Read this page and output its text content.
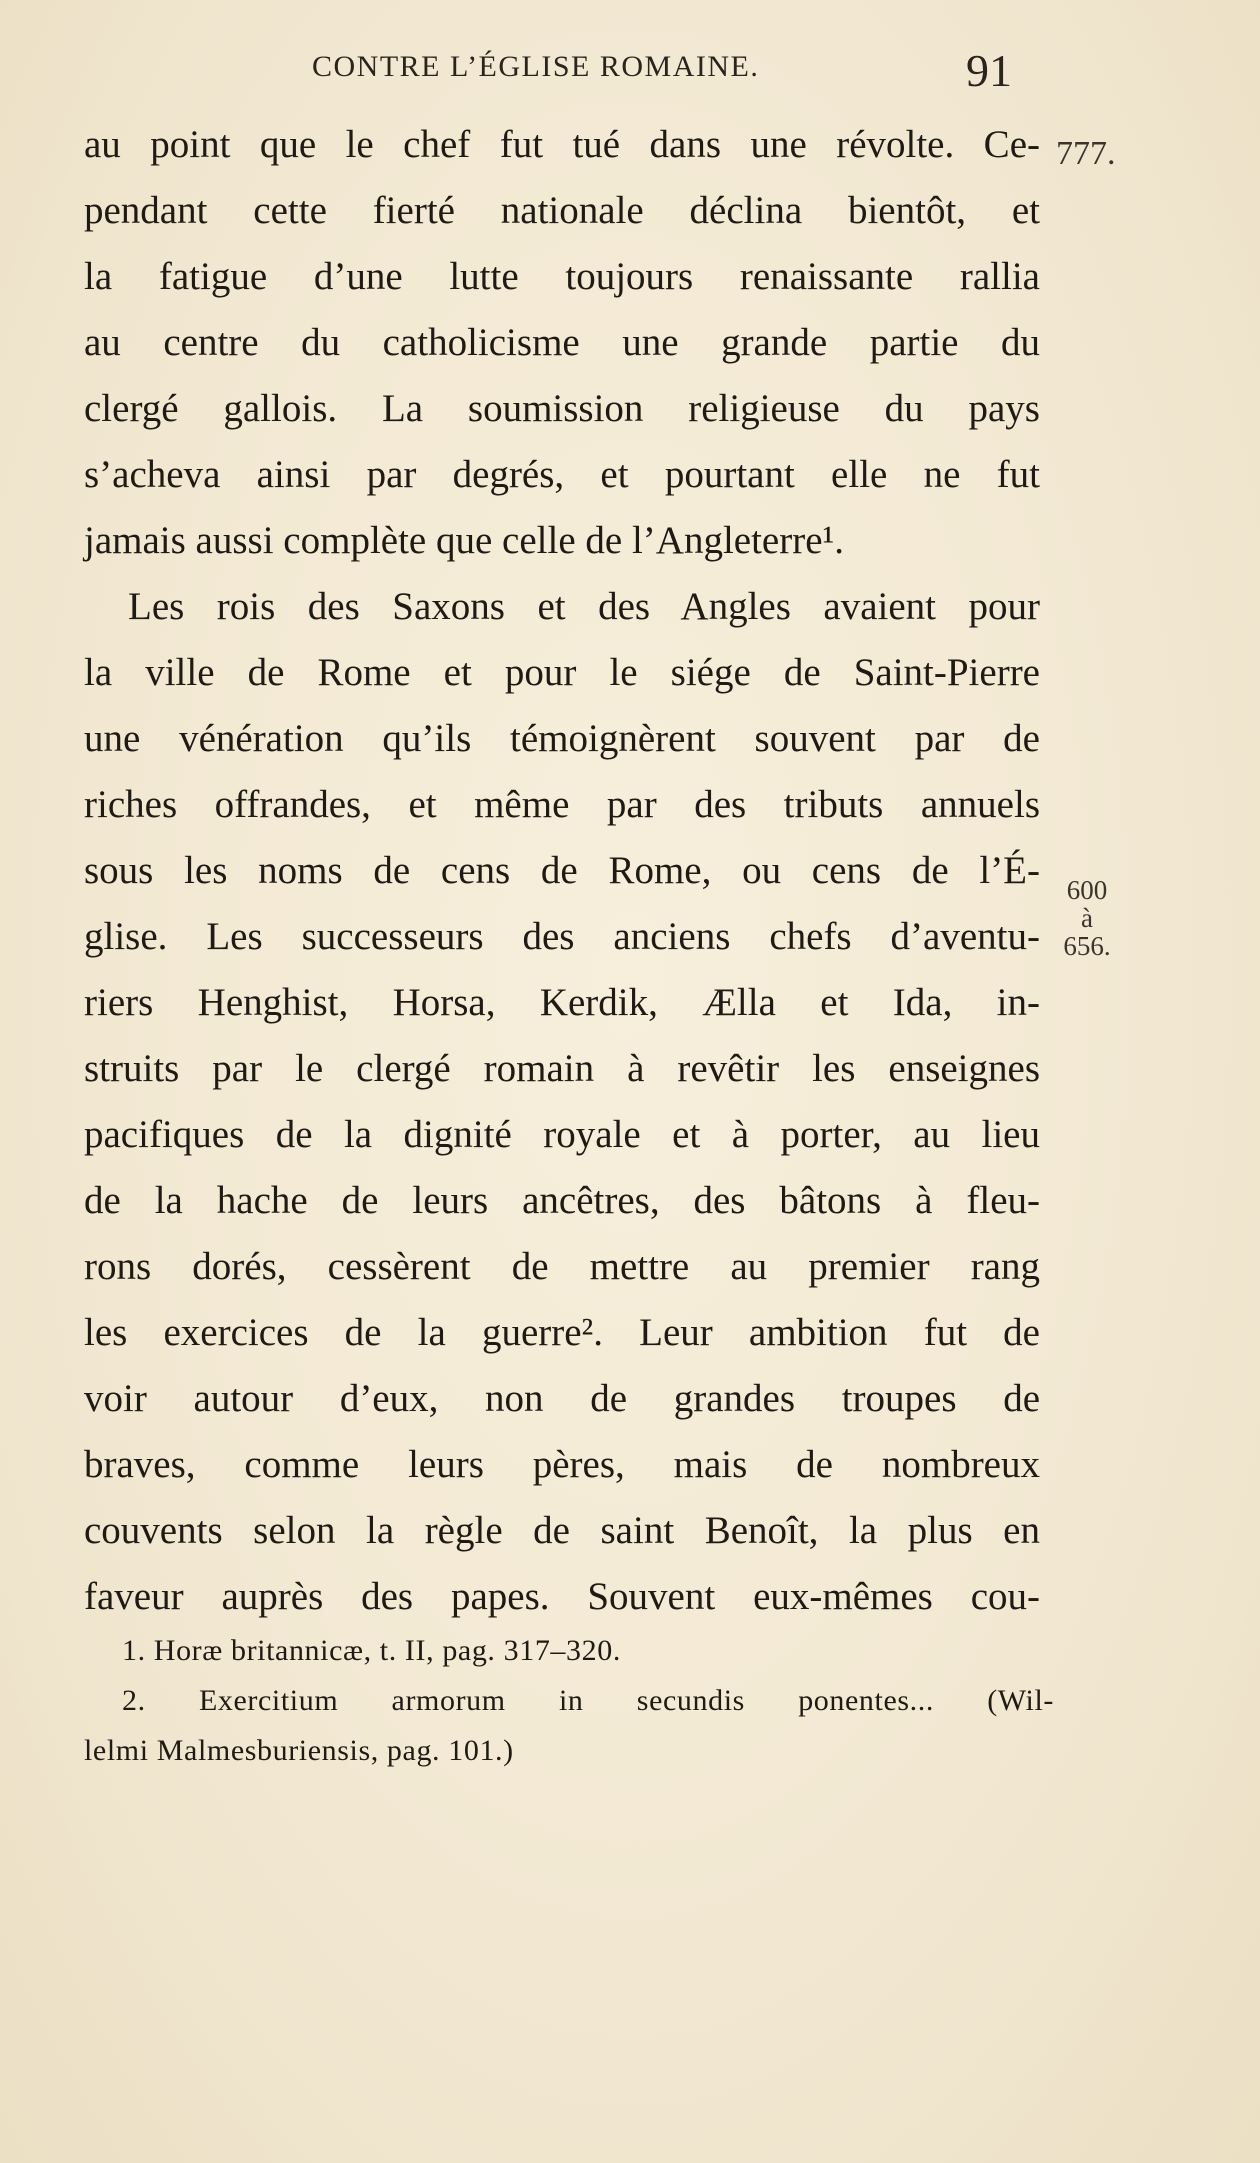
CONTRE L’ÉGLISE ROMAINE.	91
777.
600
à
656.
au point que le chef fut tué dans une révolte. Ce-
pendant cette fierté nationale déclina bientôt, et
la fatigue d’une lutte toujours renaissante rallia
au centre du catholicisme une grande partie du
clergé gallois. La soumission religieuse du pays
s’acheva ainsi par degrés, et pourtant elle ne fut
jamais aussi complète que celle de l’Angleterre¹.
Les rois des Saxons et des Angles avaient pour
la ville de Rome et pour le siége de Saint-Pierre
une vénération qu’ils témoignèrent souvent par de
riches offrandes, et même par des tributs annuels
sous les noms de cens de Rome, ou cens de l’É-
glise. Les successeurs des anciens chefs d’aventu-
riers Henghist, Horsa, Kerdik, Ælla et Ida, in-
struits par le clergé romain à revêtir les enseignes
pacifiques de la dignité royale et à porter, au lieu
de la hache de leurs ancêtres, des bâtons à fleu-
rons dorés, cessèrent de mettre au premier rang
les exercices de la guerre². Leur ambition fut de
voir autour d’eux, non de grandes troupes de
braves, comme leurs pères, mais de nombreux
couvents selon la règle de saint Benoît, la plus en
faveur auprès des papes. Souvent eux-mêmes cou-
1. Horæ britannicæ, t. II, pag. 317–320.
2. Exercitium armorum in secundis ponentes... (Wil-
lelmi Malmesburiensis, pag. 101.)
